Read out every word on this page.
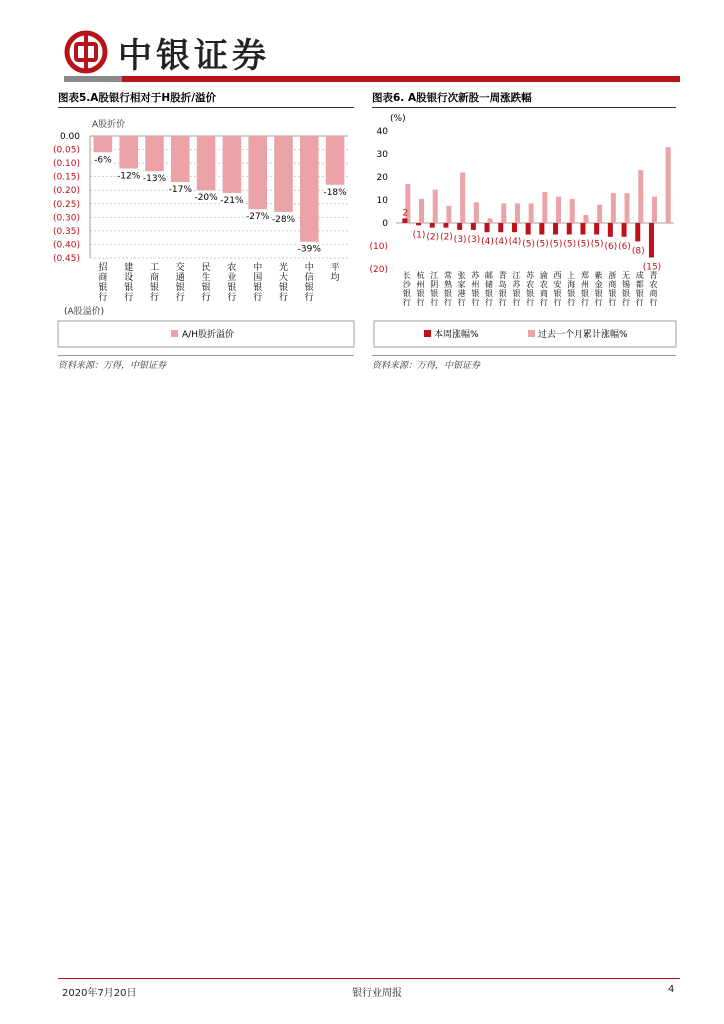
中银证券
图表5.A股银行相对于H股折/溢价
A股折价
0.00
(0.05)
(0.10)
(0.15)
(0.20)
(0.25)
(0.30)
(0.35)
(0.40)
(0.45)
-6%
招
商
银
行
-12%
建
设
银
行
-13%
工
商
银
行
-17%
交
通
银
行
-20%
民
生
银
行
-21%
农
业
银
行
-27%
中
国
银
行
-28%
光
大
银
行
-39%
中
信
银
行
-18%
平
均
(A股溢价)
A/H股折溢价
资料来源：万得，中银证券
图表6. A股银行次新股一周涨跌幅
(%)
40
30
20
10
0
(10)
(20)
2
长
沙
银
行
(1)
杭
州
银
行
(2)
江
阴
银
行
(2)
常
熟
银
行
(3)
张
家
港
行
(3)
苏
州
银
行
(4)
邮
储
银
行
(4)
青
岛
银
行
(4)
江
苏
银
行
(5)
苏
农
银
行
(5)
渝
农
商
行
(5)
西
安
银
行
(5)
上
海
银
行
(5)
郑
州
银
行
(5)
紫
金
银
行
(6)
浙
商
银
行
(6)
无
锡
银
行
(8)
成
都
银
行
(15)
青
农
商
行
本周涨幅%	过去一个月累计涨幅%
资料来源：万得，中银证券
2020年7月20日	银行业周报	4
